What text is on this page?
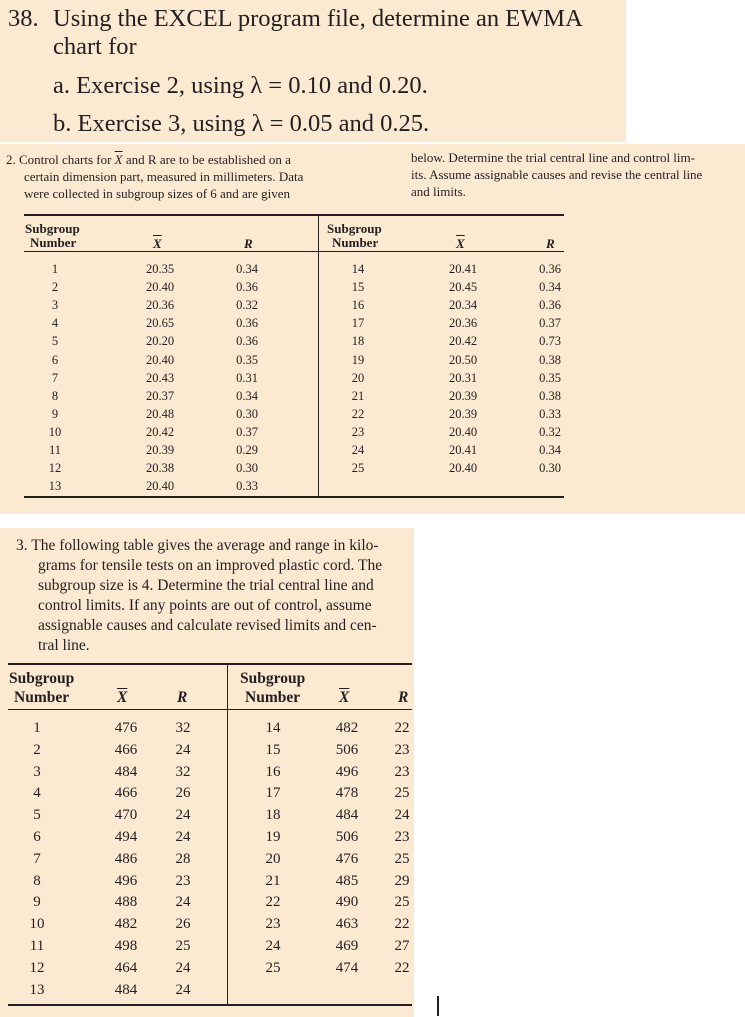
38. Using the EXCEL program file, determine an EWMA
chart for
a. Exercise 2, using λ = 0.10 and 0.20.
b. Exercise 3, using λ = 0.05 and 0.25.
2. Control charts for $\overline{X}$ and R are to be established on a
certain dimension part, measured in millimeters. Data
were collected in subgroup sizes of 6 and are given
below. Determine the trial central line and control lim-
its. Assume assignable causes and revise the central line
and limits.
Subgroup
Number	$\overline{X}$	R
Subgroup
Number	$\overline{X}$	R
1	20.35	0.34
2	20.40	0.36
3	20.36	0.32
4	20.65	0.36
5	20.20	0.36
6	20.40	0.35
7	20.43	0.31
8	20.37	0.34
9	20.48	0.30
10	20.42	0.37
11	20.39	0.29
12	20.38	0.30
13	20.40	0.33
14	20.41	0.36
15	20.45	0.34
16	20.34	0.36
17	20.36	0.37
18	20.42	0.73
19	20.50	0.38
20	20.31	0.35
21	20.39	0.38
22	20.39	0.33
23	20.40	0.32
24	20.41	0.34
25	20.40	0.30
3. The following table gives the average and range in kilo-
grams for tensile tests on an improved plastic cord. The
subgroup size is 4. Determine the trial central line and
control limits. If any points are out of control, assume
assignable causes and calculate revised limits and cen-
tral line.
Subgroup
Number	$\overline{X}$	R
Subgroup
Number	$\overline{X}$	R
1	476	32
2	466	24
3	484	32
4	466	26
5	470	24
6	494	24
7	486	28
8	496	23
9	488	24
10	482	26
11	498	25
12	464	24
13	484	24
14	482	22
15	506	23
16	496	23
17	478	25
18	484	24
19	506	23
20	476	25
21	485	29
22	490	25
23	463	22
24	469	27
25	474	22
